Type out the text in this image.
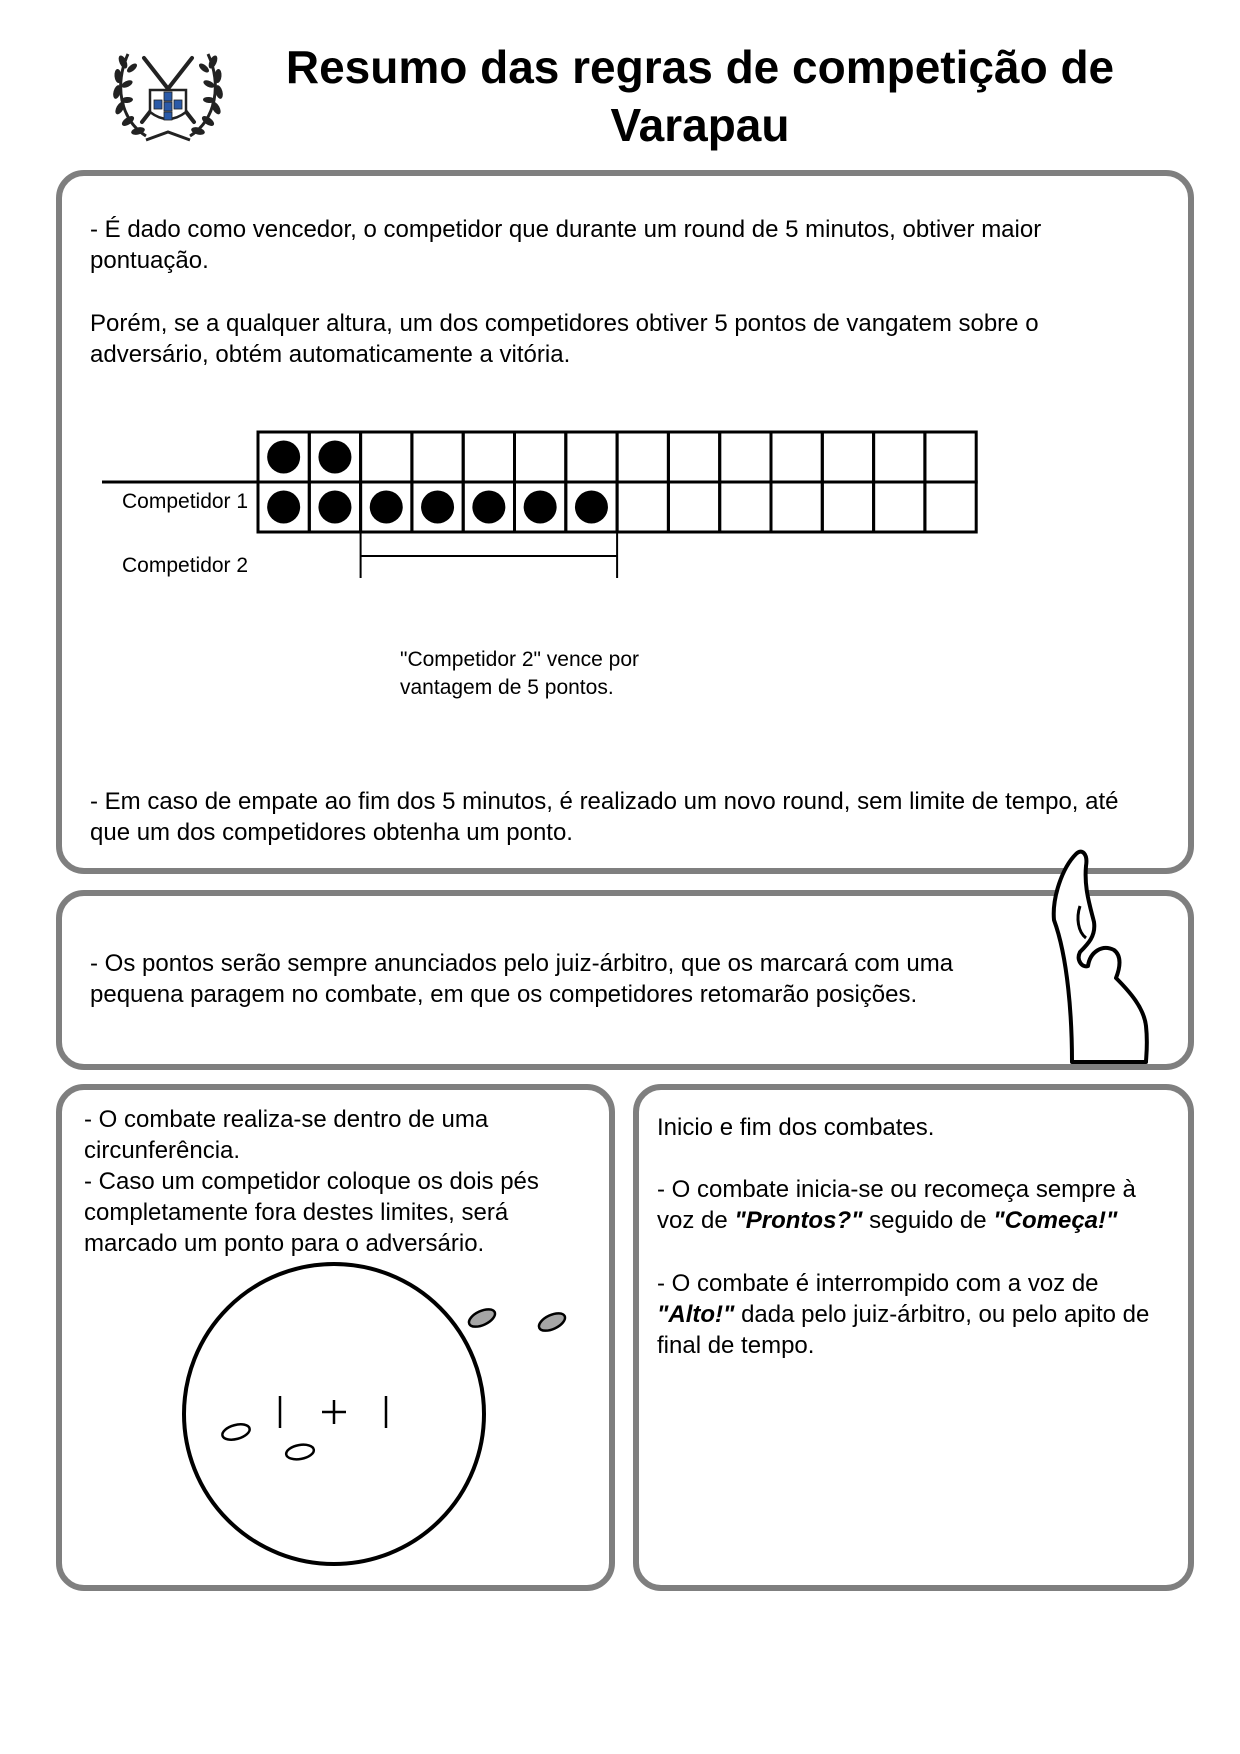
Resumo das regras de competição de Varapau
- É dado como vencedor, o competidor que durante um round de 5 minutos, obtiver maior pontuação.
Porém, se a qualquer altura, um dos competidores obtiver 5 pontos de vangatem sobre o adversário, obtém automaticamente a vitória.
Competidor 1
Competidor 2
"Competidor 2" vence por
vantagem de 5 pontos.
- Em caso de empate ao fim dos 5 minutos, é realizado um novo round, sem limite de tempo, até que um dos competidores obtenha um ponto.
- Os pontos serão sempre anunciados pelo juiz-árbitro, que os marcará com uma pequena paragem no combate, em que os competidores retomarão posições.
- O combate realiza-se dentro de uma circunferência.
- Caso um competidor coloque os dois pés completamente fora destes limites, será marcado um ponto para o adversário.
Inicio e fim dos combates.

- O combate inicia-se ou recomeça sempre à voz de "Prontos?" seguido de "Começa!"

- O combate é interrompido com a voz de "Alto!" dada pelo juiz-árbitro, ou pelo apito de final de tempo.
